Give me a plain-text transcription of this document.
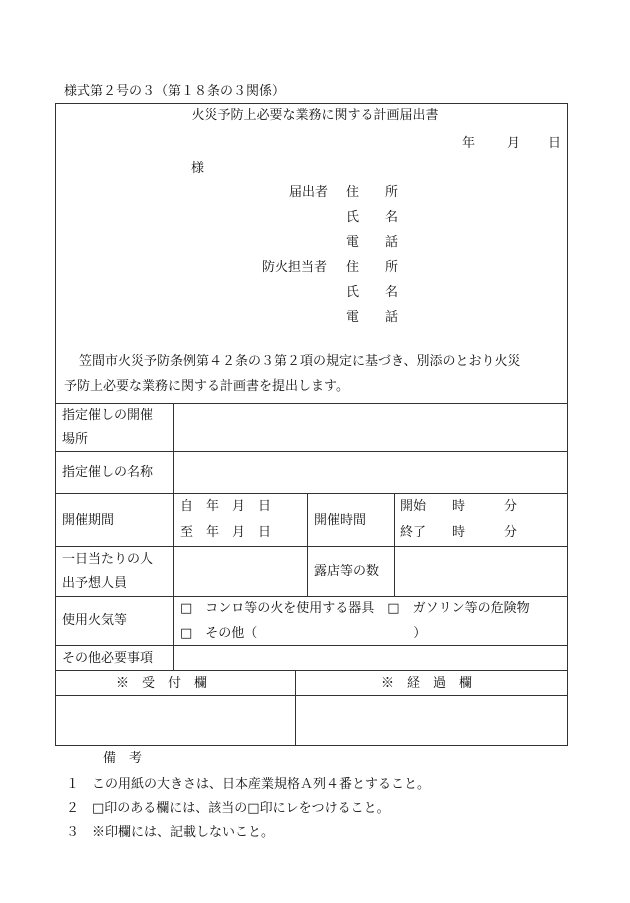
様式第２号の３（第１８条の３関係）
火災予防上必要な業務に関する計画届出書
年 月 日
様
届出者 住　　所
氏　　名
電　　話
防火担当者 住　　所
氏　　名
電　　話
笠間市火災予防条例第４２条の３第２項の規定に基づき、別添のとおり火災
予防上必要な業務に関する計画書を提出します。
指定催しの開催
場所
指定催しの名称
開催期間
自　年　月　日
至　年　月　日
開催時間
開始　　時　　　分
終了　　時　　　分
一日当たりの人
出予想人員
露店等の数
使用火気等
□　コンロ等の火を使用する器具　□　ガソリン等の危険物
□　その他（　　　　　　　　　　　　）
その他必要事項
※　受　付　欄	※　経　過　欄
備　考
１ この用紙の大きさは、日本産業規格Ａ列４番とすること。
２ □印のある欄には、該当の□印にレをつけること。
３ ※印欄には、記載しないこと。
